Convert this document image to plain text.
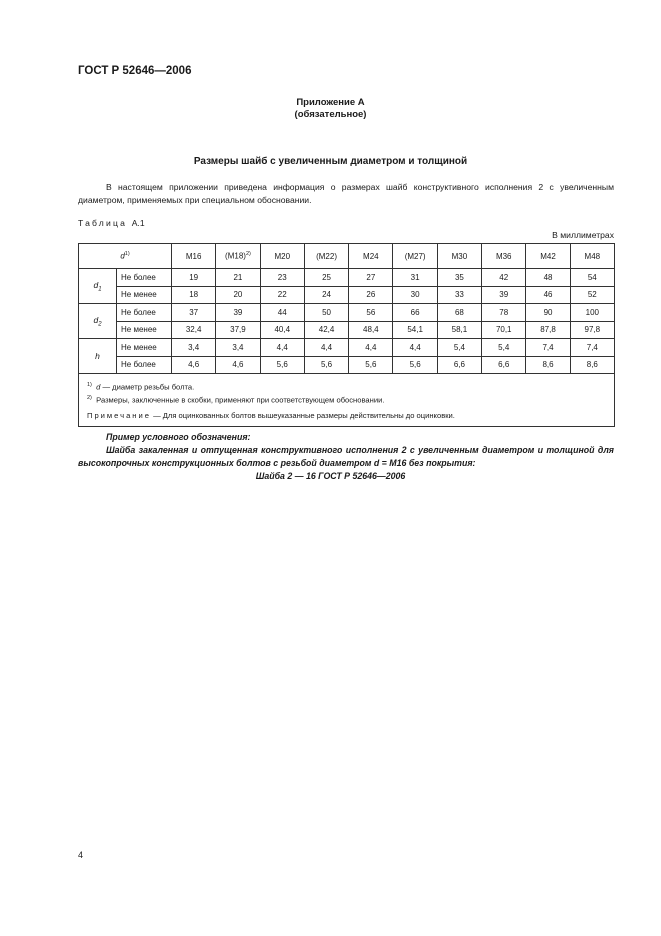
ГОСТ Р 52646—2006
Приложение А
(обязательное)
Размеры шайб с увеличенным диаметром и толщиной

В настоящем приложении приведена информация о размерах шайб конструктивного исполнения 2 с увеличенным диаметром, применяемых при специальном обосновании.

Таблица А.1
В миллиметрах
$d^{1)}$		M16	$(M18)^{2)}$	M20	(M22)	M24	(M27)	M30	M36	M42	M48
$d_1$	Не более	19	21	23	25	27	31	35	42	48	54
	Не менее	18	20	22	24	26	30	33	39	46	52
$d_2$	Не более	37	39	44	50	56	66	68	78	90	100
	Не менее	32,4	37,9	40,4	42,4	48,4	54,1	58,1	70,1	87,8	97,8
h	Не менее	3,4	3,4	4,4	4,4	4,4	4,4	5,4	5,4	7,4	7,4
	Не более	4,6	4,6	5,6	5,6	5,6	5,6	6,6	6,6	8,6	8,6

$^{1)}$ d — диаметр резьбы болта.
$^{2)}$ Размеры, заключенные в скобки, применяют при соответствующем обосновании.
Примечание — Для оцинкованных болтов вышеуказанные размеры действительны до оцинковки.											
Пример условного обозначения:

Шайба закаленная и отпущенная конструктивного исполнения 2 с увеличенным диаметром и толщиной для высокопрочных конструкционных болтов с резьбой диаметром d = M16 без покрытия:

Шайба 2 — 16 ГОСТ Р 52646—2006
4
